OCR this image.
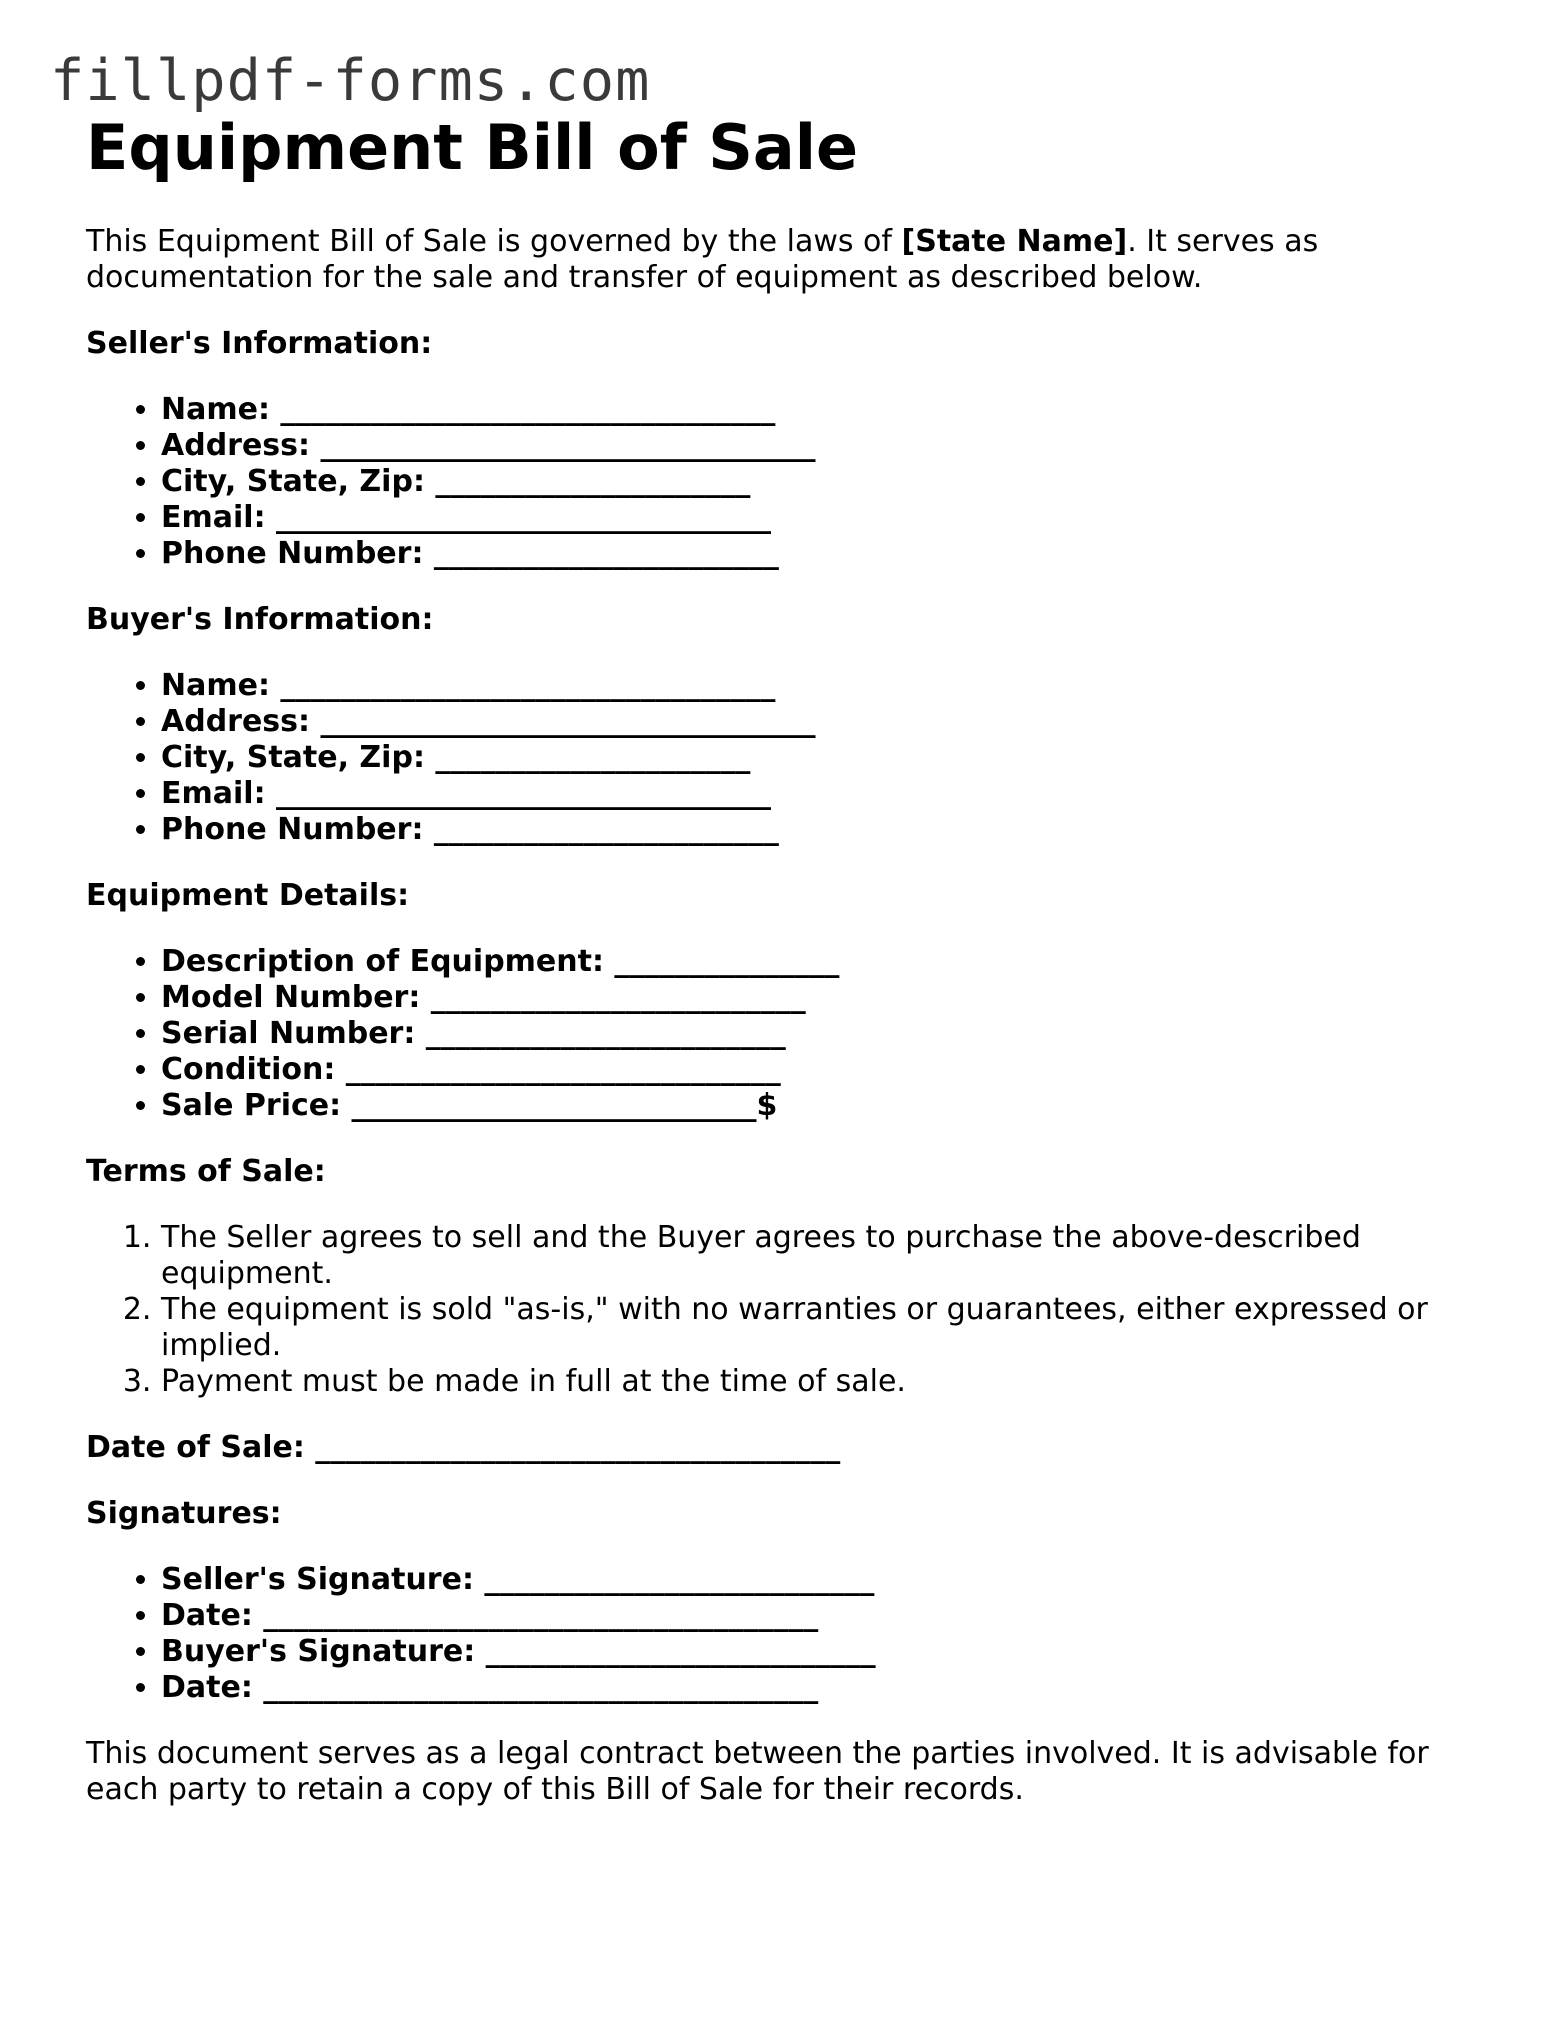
fillpdf-forms.com
Equipment Bill of Sale

This Equipment Bill of Sale is governed by the laws of [State Name]. It serves as documentation for the sale and transfer of equipment as described below.

Seller's Information:
• Name: _________________________________
• Address: _________________________________
• City, State, Zip: _____________________
• Email: _________________________________
• Phone Number: _______________________
Buyer's Information:
• Name: _________________________________
• Address: _________________________________
• City, State, Zip: _____________________
• Email: _________________________________
• Phone Number: _______________________
Equipment Details:
• Description of Equipment: _______________
• Model Number: _________________________
• Serial Number: ________________________
• Condition: _____________________________
• Sale Price: ___________________________$
Terms of Sale:
1. The Seller agrees to sell and the Buyer agrees to purchase the above-described equipment.
2. The equipment is sold "as-is," with no warranties or guarantees, either expressed or implied.
3. Payment must be made in full at the time of sale.
Date of Sale: ___________________________________
Signatures:
• Seller's Signature: __________________________
• Date: _____________________________________
• Buyer's Signature: __________________________
• Date: _____________________________________

This document serves as a legal contract between the parties involved. It is advisable for each party to retain a copy of this Bill of Sale for their records.
